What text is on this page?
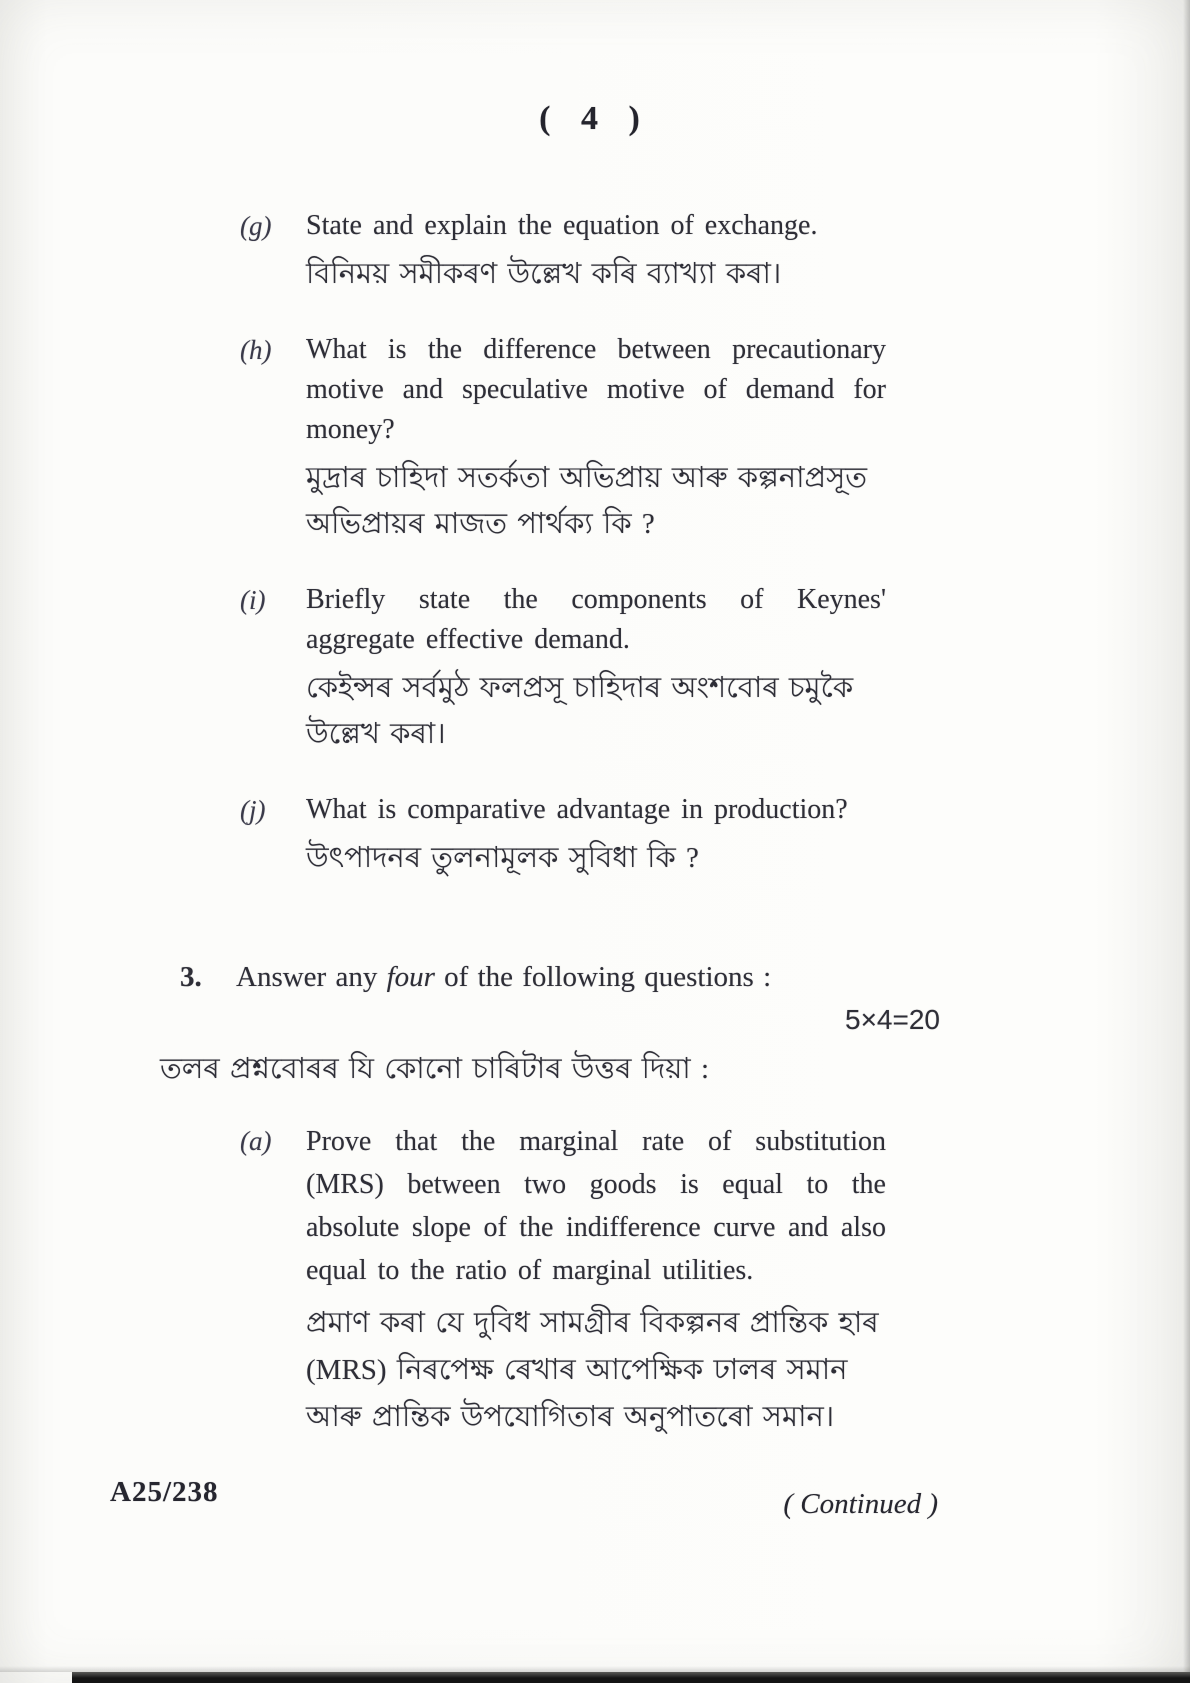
( 4 )
(g)	State and explain the equation of exchange.
বিনিময় সমীকৰণ উল্লেখ কৰি ব্যাখ্যা কৰা।
(h)	What is the difference between precautionary motive and speculative motive of demand for money?
মুদ্ৰাৰ চাহিদা সতৰ্কতা অভিপ্ৰায় আৰু কল্পনাপ্ৰসূত অভিপ্ৰায়ৰ মাজত পাৰ্থক্য কি ?
(i)	Briefly state the components of Keynes' aggregate effective demand.
কেইন্সৰ সৰ্বমুঠ ফলপ্ৰসূ চাহিদাৰ অংশবোৰ চমুকৈ উল্লেখ কৰা।
(j)	What is comparative advantage in production?
উৎপাদনৰ তুলনামূলক সুবিধা কি ?
3.	Answer any four of the following questions :
5×4=20
তলৰ প্ৰশ্নবোৰৰ যি কোনো চাৰিটাৰ উত্তৰ দিয়া :
(a)	Prove that the marginal rate of substitution (MRS) between two goods is equal to the absolute slope of the indifference curve and also equal to the ratio of marginal utilities.
প্ৰমাণ কৰা যে দুবিধ সামগ্ৰীৰ বিকল্পনৰ প্ৰান্তিক হাৰ (MRS) নিৰপেক্ষ ৰেখাৰ আপেক্ষিক ঢালৰ সমান আৰু প্ৰান্তিক উপযোগিতাৰ অনুপাতৰো সমান।
A25/238	( Continued )
